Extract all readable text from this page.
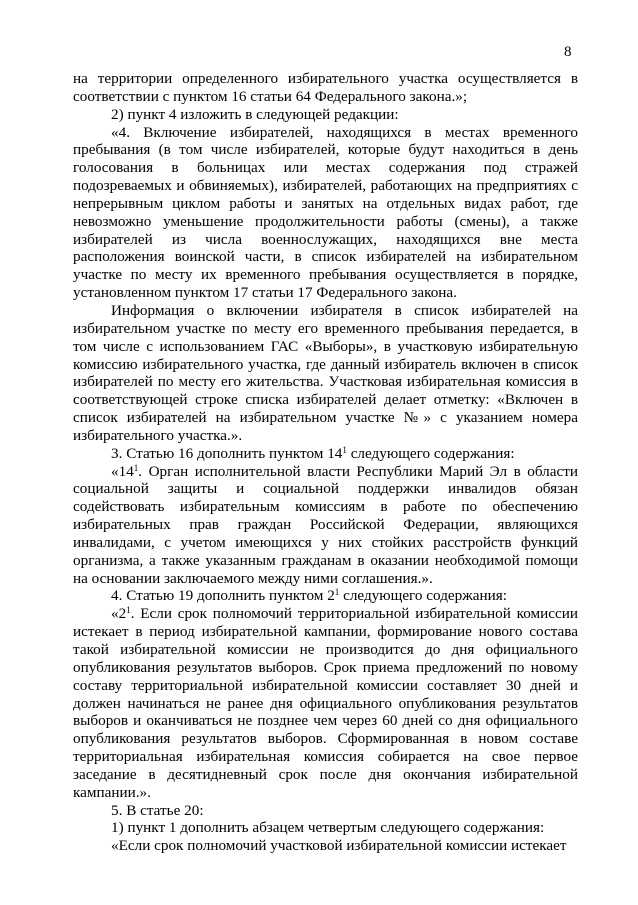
8

на территории определенного избирательного участка осуществляется в соответствии с пунктом 16 статьи 64 Федерального закона.»;

2) пункт 4 изложить в следующей редакции:

«4. Включение избирателей, находящихся в местах временного пребывания (в том числе избирателей, которые будут находиться в день голосования в больницах или местах содержания под стражей подозреваемых и обвиняемых), избирателей, работающих на предприятиях с непрерывным циклом работы и занятых на отдельных видах работ, где невозможно уменьшение продолжительности работы (смены), а также избирателей из числа военнослужащих, находящихся вне места расположения воинской части, в список избирателей на избирательном участке по месту их временного пребывания осуществляется в порядке, установленном пунктом 17 статьи 17 Федерального закона.

Информация о включении избирателя в список избирателей на избирательном участке по месту его временного пребывания передается, в том числе с использованием ГАС «Выборы», в участковую избирательную комиссию избирательного участка, где данный избиратель включен в список избирателей по месту его жительства. Участковая избирательная комиссия в соответствующей строке списка избирателей делает отметку: «Включен в список избирателей на избирательном участке №» с указанием номера избирательного участка.».

3. Статью 16 дополнить пунктом $14^1$ следующего содержания:

«$14^1$. Орган исполнительной власти Республики Марий Эл в области социальной защиты и социальной поддержки инвалидов обязан содействовать избирательным комиссиям в работе по обеспечению избирательных прав граждан Российской Федерации, являющихся инвалидами, с учетом имеющихся у них стойких расстройств функций организма, а также указанным гражданам в оказании необходимой помощи на основании заключаемого между ними соглашения.».

4. Статью 19 дополнить пунктом $2^1$ следующего содержания:

«$2^1$. Если срок полномочий территориальной избирательной комиссии истекает в период избирательной кампании, формирование нового состава такой избирательной комиссии не производится до дня официального опубликования результатов выборов. Срок приема предложений по новому составу территориальной избирательной комиссии составляет 30 дней и должен начинаться не ранее дня официального опубликования результатов выборов и оканчиваться не позднее чем через 60 дней со дня официального опубликования результатов выборов. Сформированная в новом составе территориальная избирательная комиссия собирается на свое первое заседание в десятидневный срок после дня окончания избирательной кампании.».

5. В статье 20:

1) пункт 1 дополнить абзацем четвертым следующего содержания:

«Если срок полномочий участковой избирательной комиссии истекает
